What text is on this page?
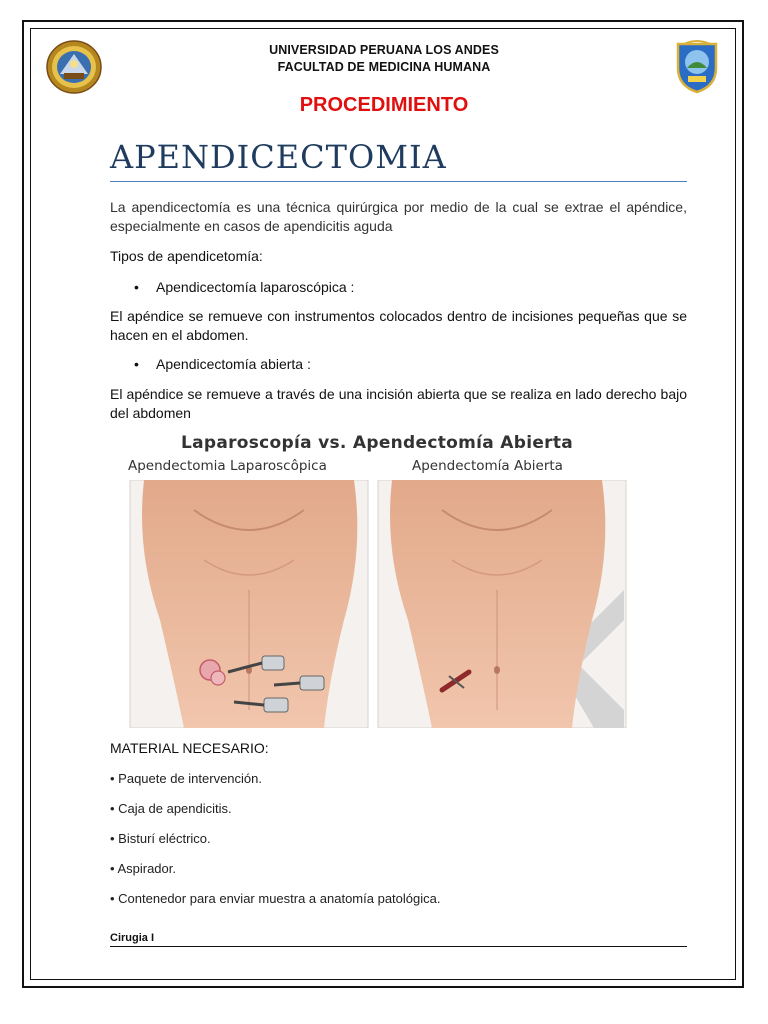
UNIVERSIDAD PERUANA LOS ANDES
FACULTAD DE MEDICINA HUMANA
PROCEDIMIENTO
APENDICECTOMIA
La apendicectomía es una técnica quirúrgica por medio de la cual se extrae el apéndice, especialmente en casos de apendicitis aguda
Tipos de apendicetomía:
• Apendicectomía laparoscópica :
El apéndice se remueve con instrumentos colocados dentro de incisiones pequeñas que se hacen en el abdomen.
• Apendicectomía abierta :
El apéndice se remueve a través de una incisión abierta que se realiza en lado derecho bajo del abdomen
Laparoscopía vs. Apendectomía Abierta
Apendectomia Laparoscôpica	Apendectomía Abierta
MATERIAL NECESARIO:
• Paquete de intervención.
• Caja de apendicitis.
• Bisturí eléctrico.
• Aspirador.
• Contenedor para enviar muestra a anatomía patológica.
Cirugia I
